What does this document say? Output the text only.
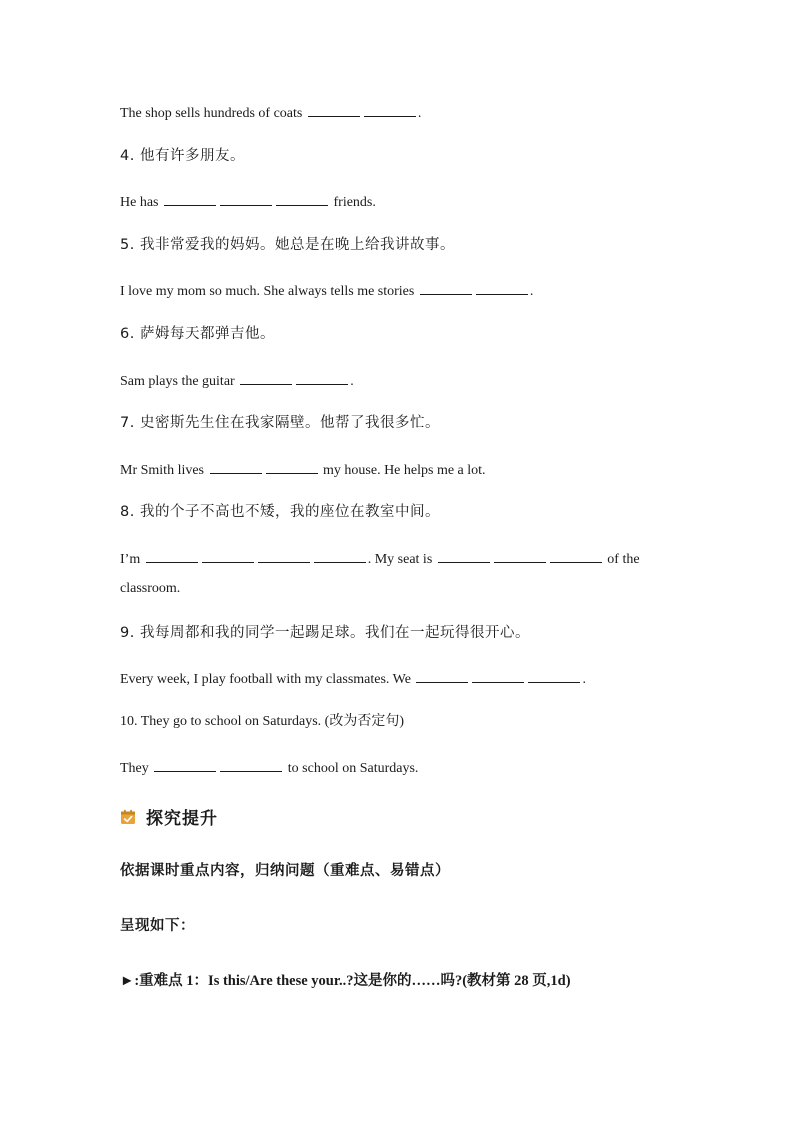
The shop sells hundreds of coats	.
4. 他有许多朋友。
He has	friends.
5. 我非常爱我的妈妈。她总是在晚上给我讲故事。
I love my mom so much. She always tells me stories	.
6. 萨姆每天都弹吉他。
Sam plays the guitar	.
7. 史密斯先生住在我家隔壁。他帮了我很多忙。
Mr Smith lives	my house. He helps me a lot.
8. 我的个子不高也不矮，我的座位在教室中间。
I’m	. My seat is	of the
classroom.
9. 我每周都和我的同学一起踢足球。我们在一起玩得很开心。
Every week, I play football with my classmates. We	.
10. They go to school on Saturdays. (改为否定句)
They	to school on Saturdays.
探究提升
依据课时重点内容，归纳问题（重难点、易错点）
呈现如下：
►:重难点 1：Is this/Are these your..?这是你的……吗?(教材第 28 页,1d)
